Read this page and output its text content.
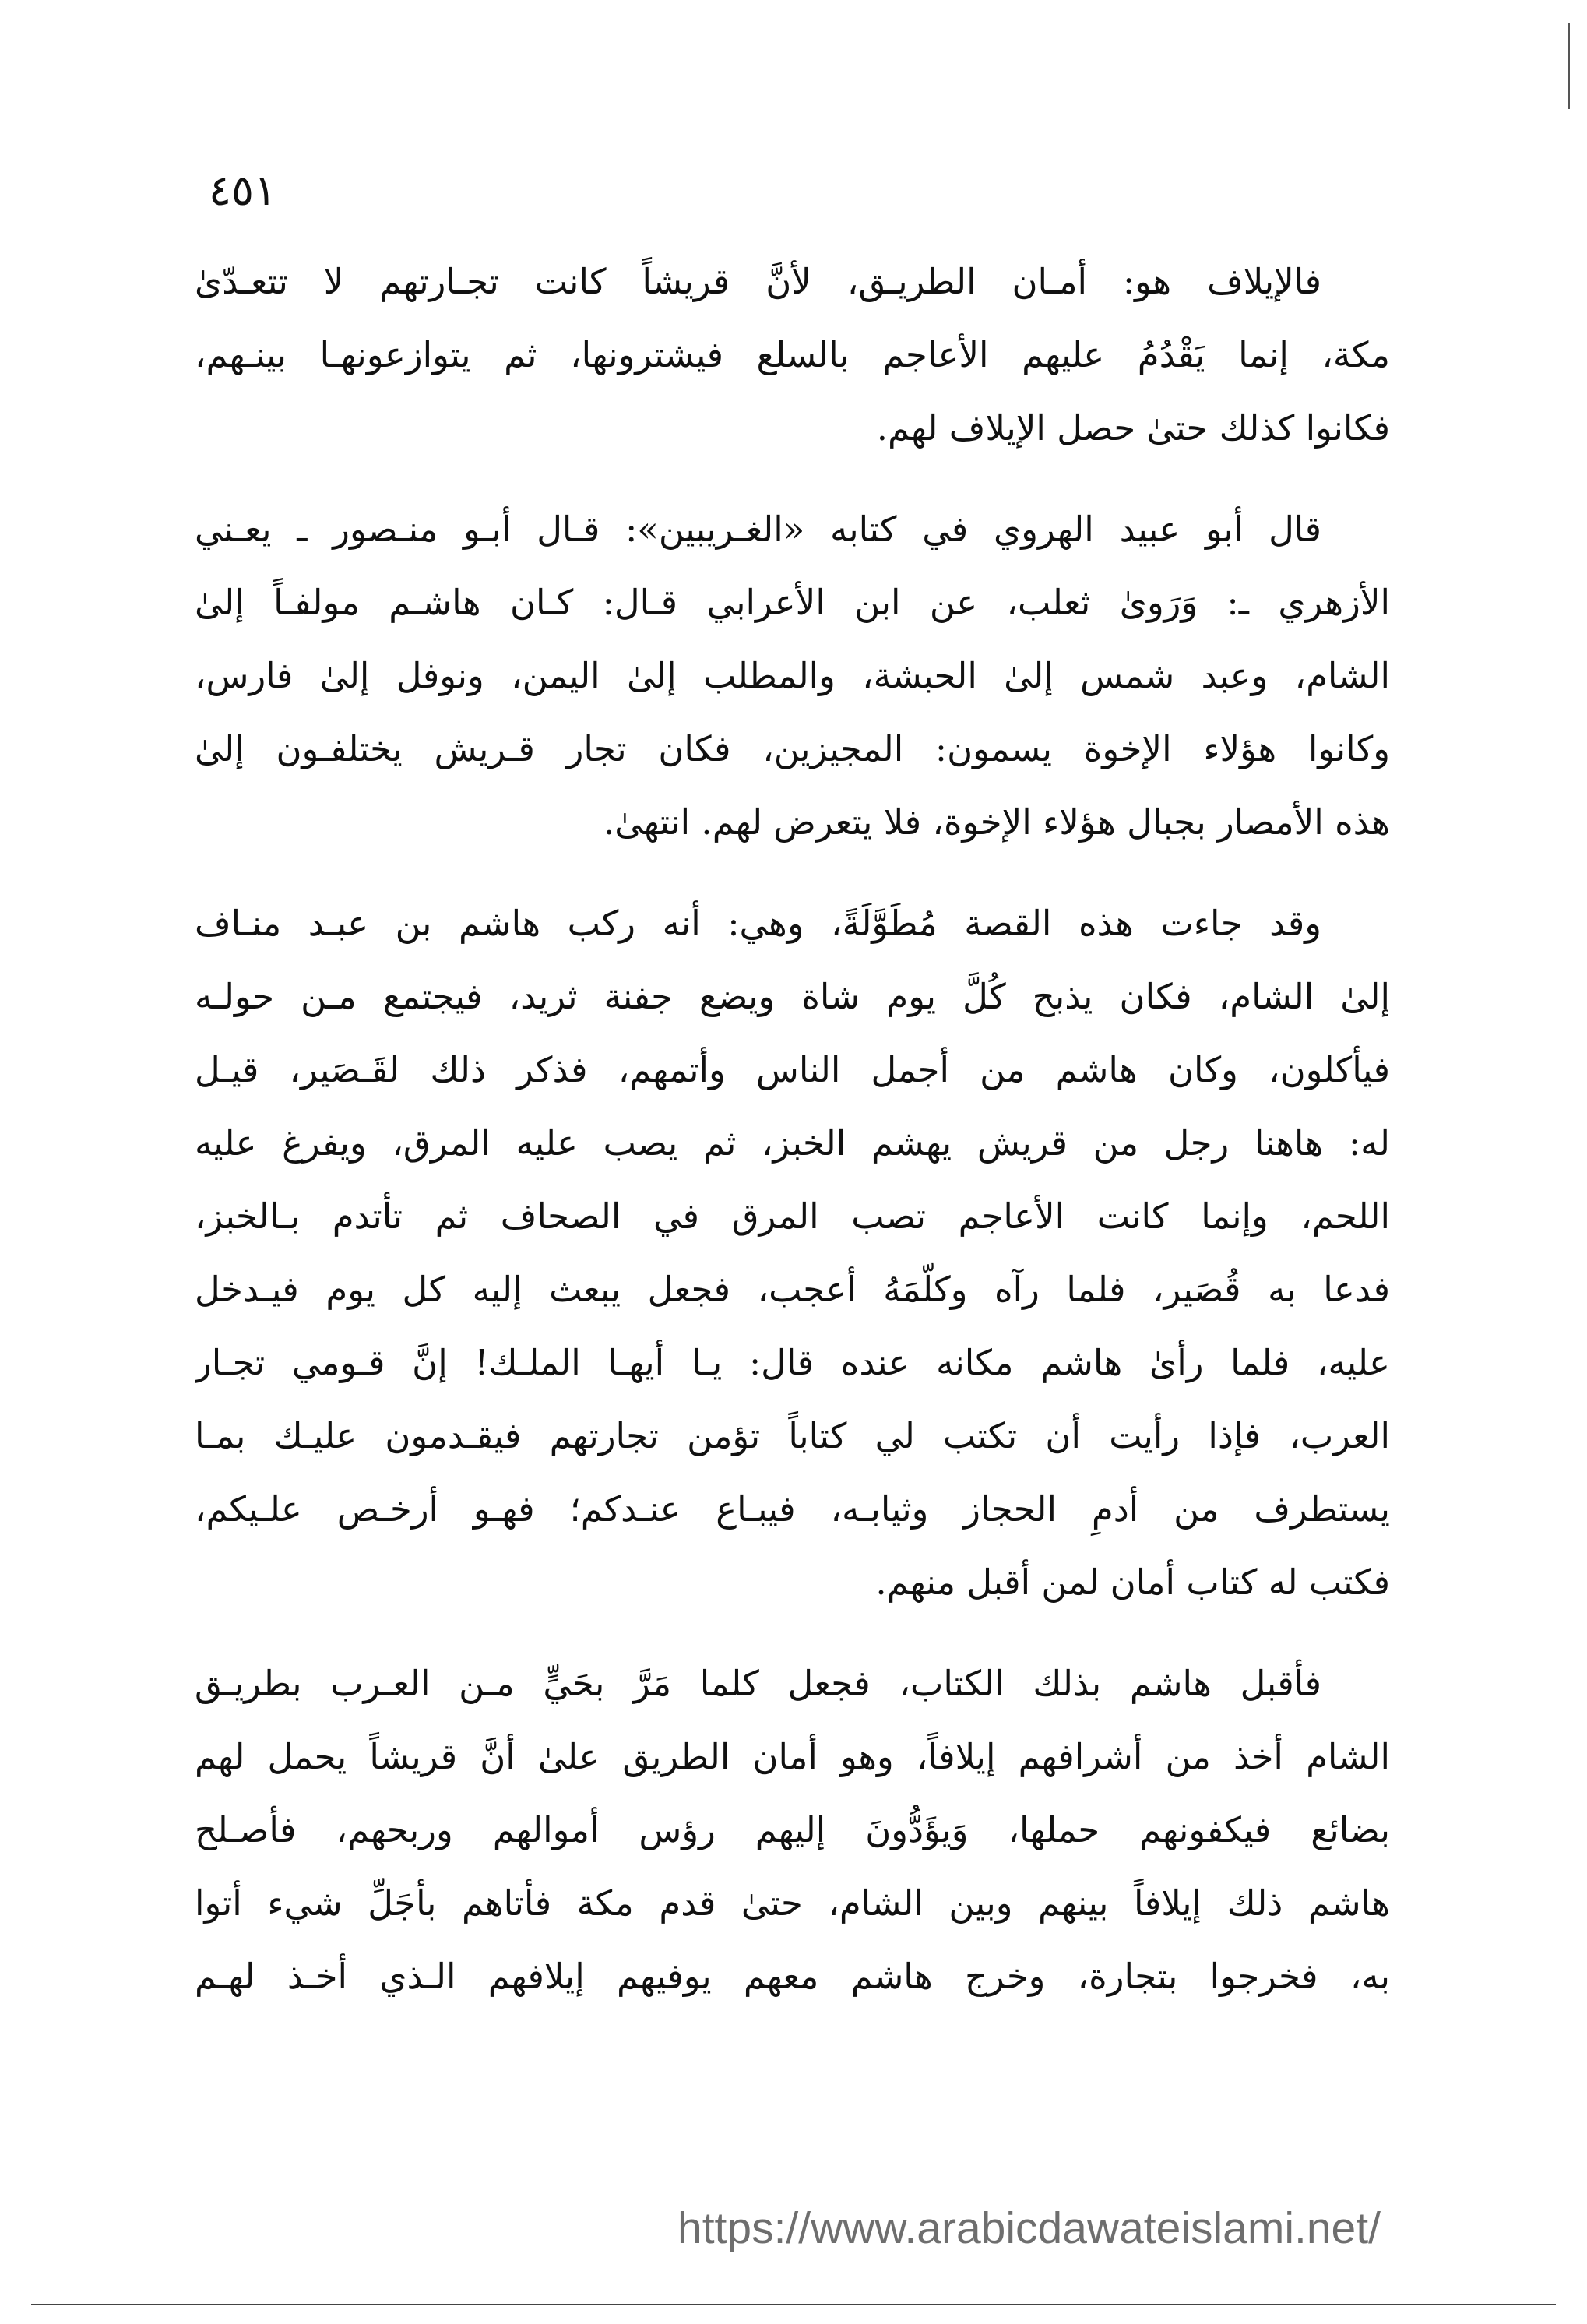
٤٥١

فالإيلاف هو: أمـان الطريـق، لأنَّ قريشاً كانت تجـارتهم لا تتعـدّىٰ
مكة، إنما يَقْدُمُ عليهم الأعاجم بالسلع فيشترونها، ثم يتوازعونهـا بينـهم،
فكانوا كذلك حتىٰ حصل الإيلاف لهم.

قال أبو عبيد الهروي في كتابه «الغـريبين»: قـال أبـو منـصور ـ يعـني
الأزهري ـ: وَرَوىٰ ثعلب، عن ابن الأعرابي قـال: كـان هاشـم مولفـاً إلىٰ
الشام، وعبد شمس إلىٰ الحبشة، والمطلب إلىٰ اليمن، ونوفل إلىٰ فارس،
وكانوا هؤلاء الإخوة يسمون: المجيزين، فكان تجار قـريش يختلفـون إلىٰ
هذه الأمصار بجبال هؤلاء الإخوة، فلا يتعرض لهم. انتهىٰ.

وقد جاءت هذه القصة مُطَوَّلَةً، وهي: أنه ركب هاشم بن عبـد منـاف
إلىٰ الشام، فكان يذبح كُلَّ يوم شاة ويضع جفنة ثريد، فيجتمع مـن حولـه
فيأكلون، وكان هاشم من أجمل الناس وأتمهم، فذكر ذلك لقَـصَير، قيـل
له: هاهنا رجل من قريش يهشم الخبز، ثم يصب عليه المرق، ويفرغ عليه
اللحم، وإنما كانت الأعاجم تصب المرق في الصحاف ثم تأتدم بـالخبز،
فدعا به قُصَير، فلما رآه وكلّمَهُ أعجب، فجعل يبعث إليه كل يوم فيـدخل
عليه، فلما رأىٰ هاشم مكانه عنده قال: يـا أيهـا الملـك! إنَّ قـومي تجـار
العرب، فإذا رأيت أن تكتب لي كتاباً تؤمن تجارتهم فيقـدمون عليـك بمـا
يستطرف من أدمِ الحجاز وثيابـه، فيبـاع عنـدكم؛ فهـو أرخـص علـيكم،
فكتب له كتاب أمان لمن أقبل منهم.

فأقبل هاشم بذلك الكتاب، فجعل كلما مَرَّ بحَيٍّ مـن العـرب بطريـق
الشام أخذ من أشرافهم إيلافاً، وهو أمان الطريق علىٰ أنَّ قريشاً يحمل لهم
بضائع فيكفونهم حملها، وَيؤَدُّونَ إليهم رؤس أموالهم وربحهم، فأصـلح
هاشم ذلك إيلافاً بينهم وبين الشام، حتىٰ قدم مكة فأتاهم بأجَلِّ شيء أتوا
به، فخرجوا بتجارة، وخرج هاشم معهم يوفيهم إيلافهم الـذي أخـذ لهـم

https://www.arabicdawateislami.net/
